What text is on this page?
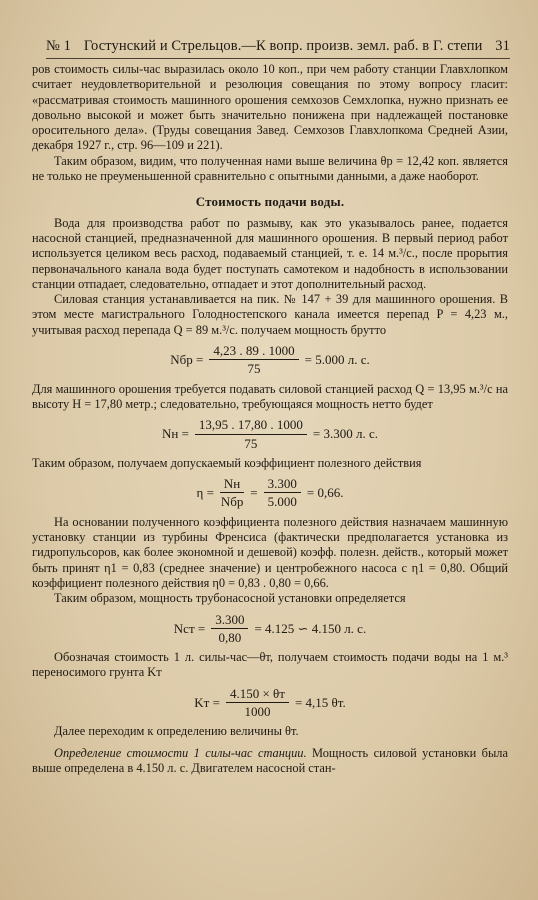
№ 1 Гостунский и Стрельцов.—К вопр. произв. земл. раб. в Г. степи 31

ров стоимость силы-час выразилась около 10 коп., при чем работу станции Главхлопком считает неудовлетворительной и резолюция совещания по этому вопросу гласит: «рассматривая стоимость машинного орошения семхозов Семхлопка, нужно признать ее довольно высокой и может быть значительно понижена при надлежащей постановке оросительного дела». (Труды совещания Завед. Семхозов Главхлопкома Средней Азии, декабря 1927 г., стр. 96—109 и 221).

Таким образом, видим, что полученная нами выше величина θр = 12,42 коп. является не только не преуменьшенной сравнительно с опытными данными, а даже наоборот.

Стоимость подачи воды.

Вода для производства работ по размыву, как это указывалось ранее, подается насосной станцией, предназначенной для машинного орошения. В первый период работ используется целиком весь расход, подаваемый станцией, т. е. 14 м.³/с., после прорытия первоначального канала вода будет поступать самотеком и надобность в использовании станции отпадает, следовательно, отпадает и этот дополнительный расход.

Силовая станция устанавливается на пик. № 147 + 39 для машинного орошения. В этом месте магистрального Голодностепского канала имеется перепад P = 4,23 м., учитывая расход перепада Q = 89 м.³/с. получаем мощность брутто

Nбр = $\frac{4,23 . 89 . 1000}{75} = 5.000$ л. с.

Для машинного орошения требуется подавать силовой станцией расход Q = 13,95 м.³/с на высоту H = 17,80 метр.; следовательно, требующаяся мощность нетто будет

Nн = $\frac{13,95 . 17,80 . 1000}{75} = 3.300$ л. с.

Таким образом, получаем допускаемый коэффициент полезного действия

$\eta = \frac{Nн}{\text{Nбр}} = \frac{3.300}{5.000} = 0,66$.

На основании полученного коэффициента полезного действия назначаем машинную установку станции из турбины Френсиса (фактически предполагается установка из гидропульсоров, как более экономной и дешевой) коэфф. полезн. действ., который может быть принят η1 = 0,83 (среднее значение) и центробежного насоса с η1 = 0,80. Общий коэффициент полезного действия η0 = 0,83 . 0,80 = 0,66.

Таким образом, мощность трубонасосной установки определяется

Nст = $\frac{3.300}{0,80} = 4.125$ ∽ 4.150 л. с.

Обозначая стоимость 1 л. силы-час—θт, получаем стоимость подачи воды на 1 м.³ переносимого грунта Kт

Kт = $\frac{4.150 \times \theta т}{1000} = 4,15$ θт.

Далее переходим к определению величины θт.

Определение стоимости 1 силы-час станции. Мощность силовой установки была выше определена в 4.150 л. с. Двигателем насосной стан-
